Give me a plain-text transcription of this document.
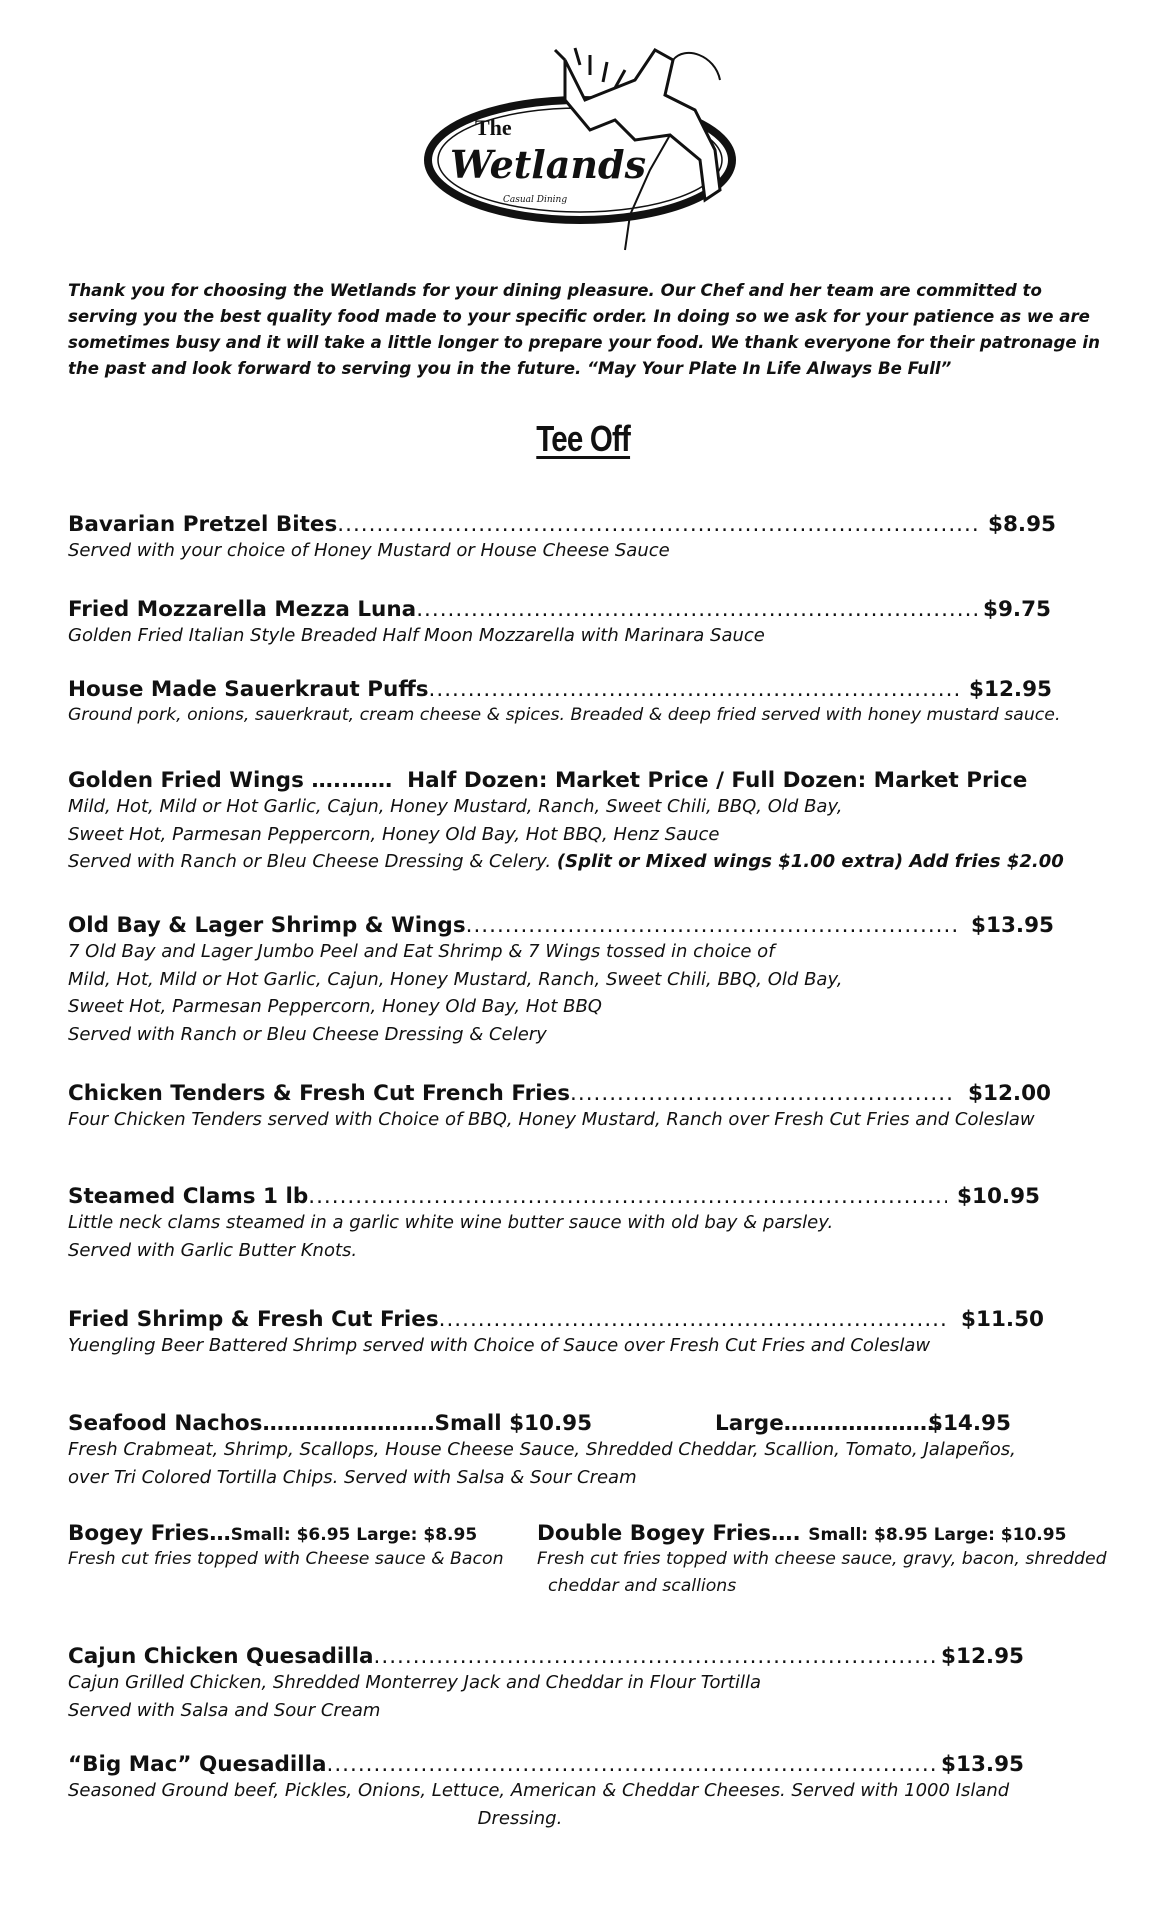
The
Wetlands
Casual Dining
Thank you for choosing the Wetlands for your dining pleasure. Our Chef and her team are committed to serving you the best quality food made to your specific order. In doing so we ask for your patience as we are sometimes busy and it will take a little longer to prepare your food. We thank everyone for their patronage in the past and look forward to serving you in the future. “May Your Plate In Life Always Be Full”
Tee Off
Bavarian Pretzel Bites .....	$8.95
Served with your choice of Honey Mustard or House Cheese Sauce
Fried Mozzarella Mezza Luna .....	$9.75
Golden Fried Italian Style Breaded Half Moon Mozzarella with Marinara Sauce
House Made Sauerkraut Puffs .....	$12.95
Ground pork, onions, sauerkraut, cream cheese & spices. Breaded & deep fried served with honey mustard sauce.
Golden Fried Wings …..…… Half Dozen: Market Price / Full Dozen: Market Price
Mild, Hot, Mild or Hot Garlic, Cajun, Honey Mustard, Ranch, Sweet Chili, BBQ, Old Bay,
Sweet Hot, Parmesan Peppercorn, Honey Old Bay, Hot BBQ, Henz Sauce
Served with Ranch or Bleu Cheese Dressing & Celery. (Split or Mixed wings $1.00 extra) Add fries $2.00
Old Bay & Lager Shrimp & Wings .....	$13.95
7 Old Bay and Lager Jumbo Peel and Eat Shrimp & 7 Wings tossed in choice of
Mild, Hot, Mild or Hot Garlic, Cajun, Honey Mustard, Ranch, Sweet Chili, BBQ, Old Bay,
Sweet Hot, Parmesan Peppercorn, Honey Old Bay, Hot BBQ
Served with Ranch or Bleu Cheese Dressing & Celery
Chicken Tenders & Fresh Cut French Fries .....	$12.00
Four Chicken Tenders served with Choice of BBQ, Honey Mustard, Ranch over Fresh Cut Fries and Coleslaw
Steamed Clams 1 lb .....	$10.95
Little neck clams steamed in a garlic white wine butter sauce with old bay & parsley.
Served with Garlic Butter Knots.
Fried Shrimp & Fresh Cut Fries .....	$11.50
Yuengling Beer Battered Shrimp served with Choice of Sauce over Fresh Cut Fries and Coleslaw
Seafood Nachos…………………… Small $10.95	Large………………….
$14.95
Fresh Crabmeat, Shrimp, Scallops, House Cheese Sauce, Shredded Cheddar, Scallion, Tomato, Jalapeños,
over Tri Colored Tortilla Chips. Served with Salsa & Sour Cream
Bogey Fries… Small: $6.95 Large: $8.95
Fresh cut fries topped with Cheese sauce & Bacon
Double Bogey Fries…. Small: $8.95 Large: $10.95
Fresh cut fries topped with cheese sauce, gravy, bacon, shredded
cheddar and scallions
Cajun Chicken Quesadilla .....	$12.95
Cajun Grilled Chicken, Shredded Monterrey Jack and Cheddar in Flour Tortilla
Served with Salsa and Sour Cream
“Big Mac” Quesadilla .....	$13.95
Seasoned Ground beef, Pickles, Onions, Lettuce, American & Cheddar Cheeses. Served with 1000 Island
Dressing.
